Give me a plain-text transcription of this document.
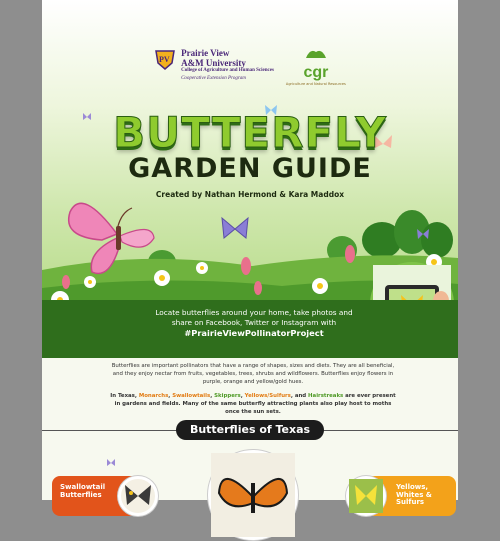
PV
Prairie View
A&M University
College of Agriculture and Human Sciences
Cooperative Extension Program	cgr
Agriculture and Natural Resources
BUTTERFLY
GARDEN GUIDE
Created by Nathan Hermond & Kara Maddox
Locate butterflies around your home, take photos and share on Facebook, Twitter or Instagram with
#PrairieViewPollinatorProject
Butterflies are important pollinators that have a range of shapes, sizes and diets. They are all beneficial, and they enjoy nectar from fruits, vegetables, trees, shrubs and wildflowers. Butterflies enjoy flowers in purple, orange and yellow/gold hues.
In Texas, Monarchs, Swallowtails, Skippers, Yellows/Sulfurs, and Hairstreaks are ever present in gardens and fields. Many of the same butterfly attracting plants also play host to moths once the sun sets.
Butterflies of Texas
Swallowtail Butterflies
Yellows, Whites & Sulfurs
